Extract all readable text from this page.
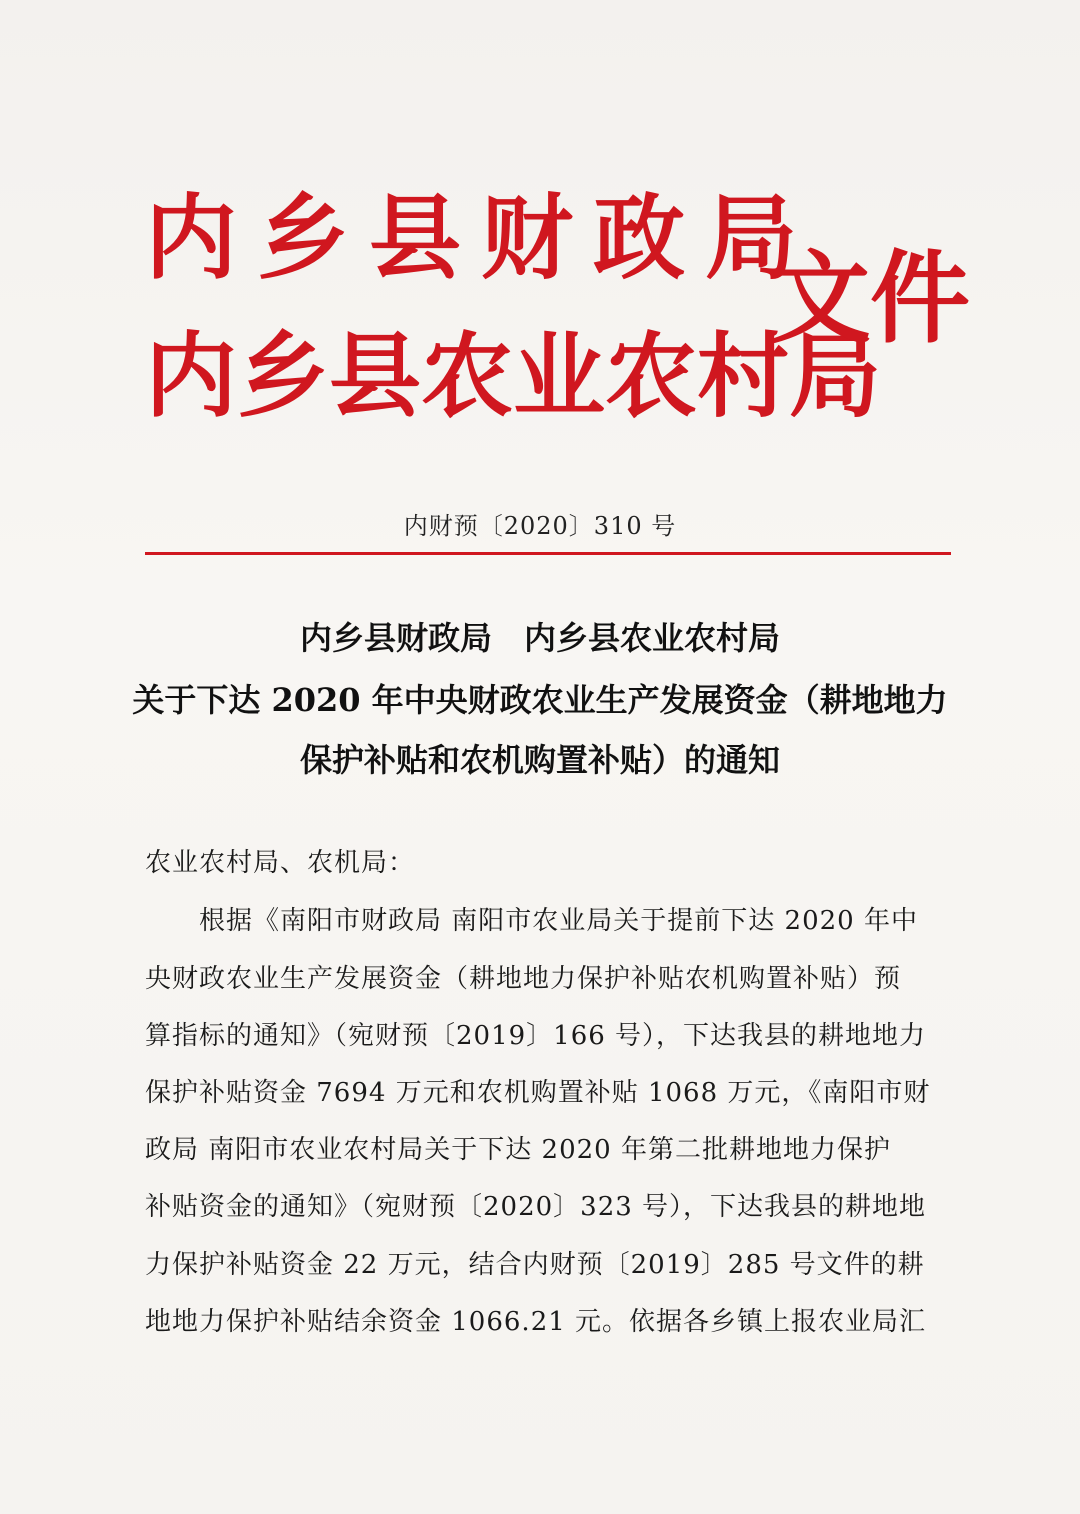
内乡县财政局
内乡县农业农村局
文件
内财预〔2020〕310 号
内乡县财政局　内乡县农业农村局
关于下达 2020 年中央财政农业生产发展资金（耕地地力
保护补贴和农机购置补贴）的通知
农业农村局、农机局：
　　根据《南阳市财政局 南阳市农业局关于提前下达 2020 年中
央财政农业生产发展资金（耕地地力保护补贴农机购置补贴）预
算指标的通知》（宛财预〔2019〕166 号），下达我县的耕地地力
保护补贴资金 7694 万元和农机购置补贴 1068 万元，《南阳市财
政局 南阳市农业农村局关于下达 2020 年第二批耕地地力保护
补贴资金的通知》（宛财预〔2020〕323 号），下达我县的耕地地
力保护补贴资金 22 万元，结合内财预〔2019〕285 号文件的耕
地地力保护补贴结余资金 1066.21 元。依据各乡镇上报农业局汇
